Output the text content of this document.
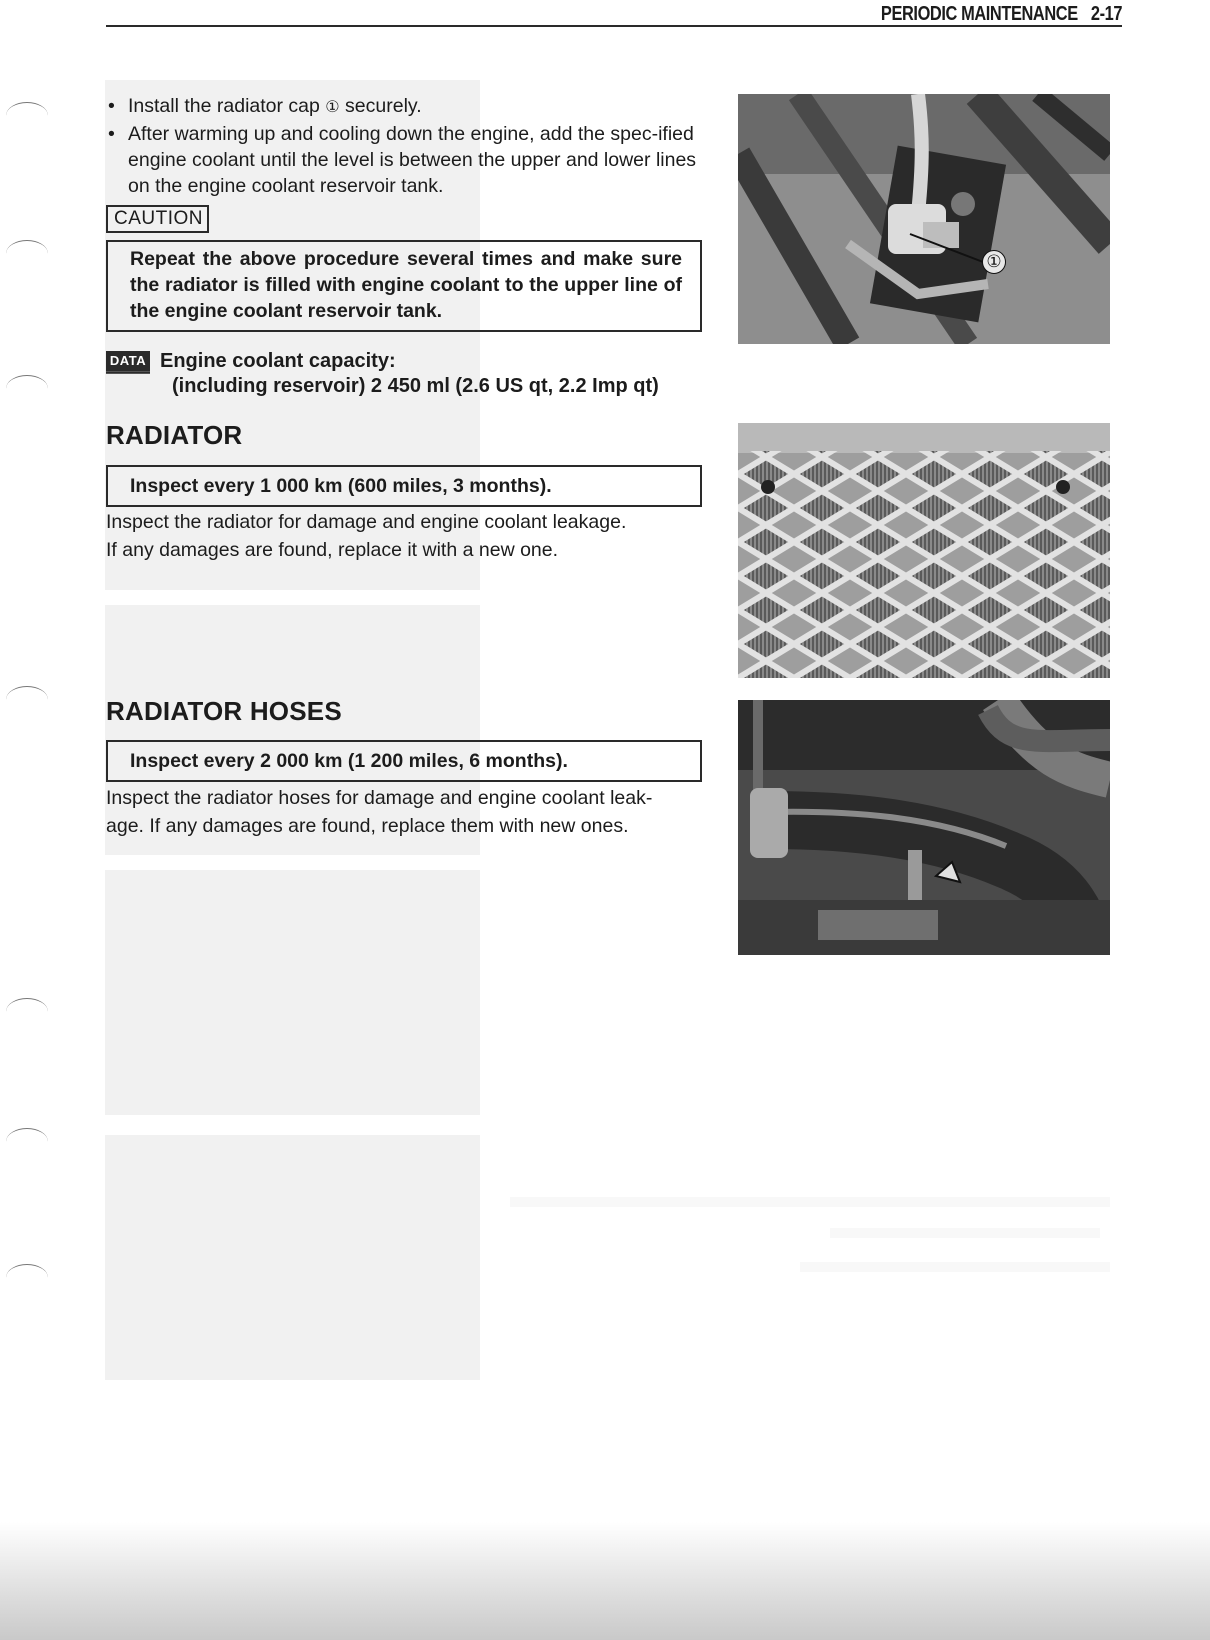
PERIODIC MAINTENANCE 2-17
• Install the radiator cap ① securely.
• After warming up and cooling down the engine, add the spec-ified engine coolant until the level is between the upper and lower lines on the engine coolant reservoir tank.
CAUTION
Repeat the above procedure several times and make sure the radiator is filled with engine coolant to the upper line of the engine coolant reservoir tank.
DATA Engine coolant capacity:
(including reservoir) 2 450 ml (2.6 US qt, 2.2 Imp qt)
RADIATOR
Inspect every 1 000 km (600 miles, 3 months).
Inspect the radiator for damage and engine coolant leakage.
If any damages are found, replace it with a new one.
RADIATOR HOSES
Inspect every 2 000 km (1 200 miles, 6 months).
Inspect the radiator hoses for damage and engine coolant leak-
age. If any damages are found, replace them with new ones.
①
